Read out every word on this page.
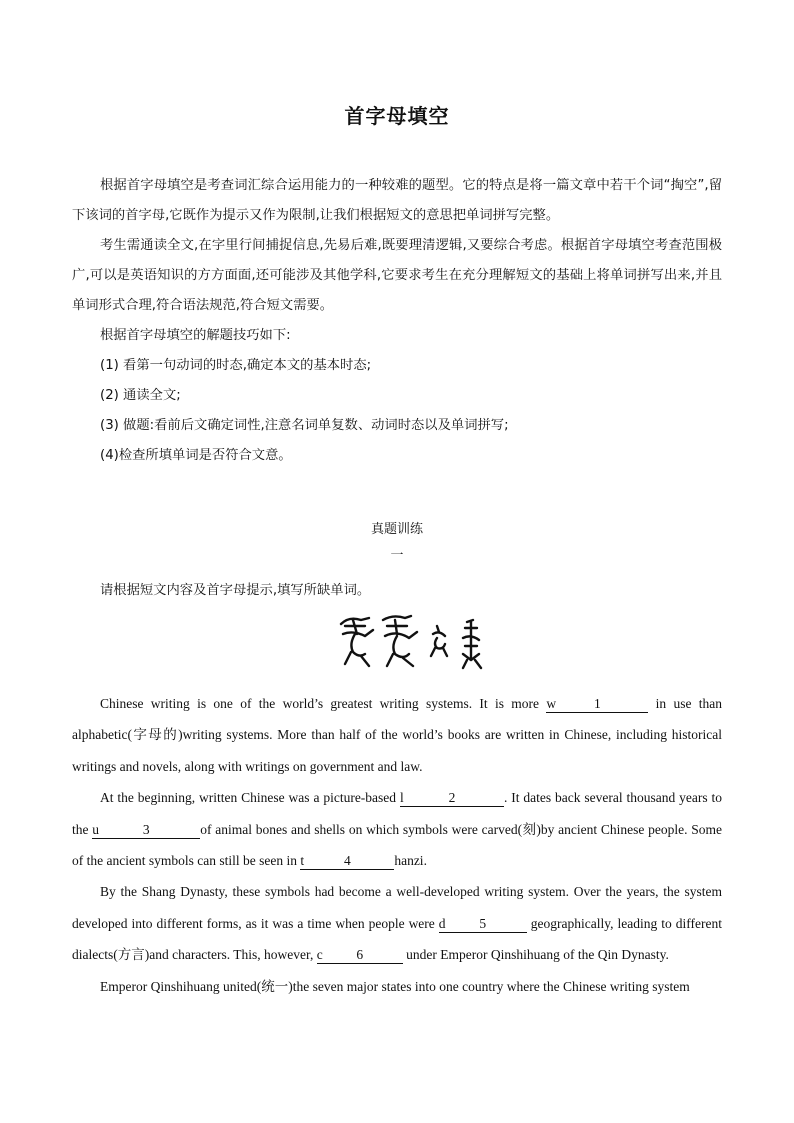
首字母填空

根据首字母填空是考查词汇综合运用能力的一种较难的题型。它的特点是将一篇文章中若干个词“掏空”,留下该词的首字母,它既作为提示又作为限制,让我们根据短文的意思把单词拼写完整。

考生需通读全文,在字里行间捕捉信息,先易后难,既要理清逻辑,又要综合考虑。根据首字母填空考查范围极广,可以是英语知识的方方面面,还可能涉及其他学科,它要求考生在充分理解短文的基础上将单词拼写出来,并且单词形式合理,符合语法规范,符合短文需要。

根据首字母填空的解题技巧如下:

(1) 看第一句动词的时态,确定本文的基本时态;

(2) 通读全文;

(3) 做题:看前后文确定词性,注意名词单复数、动词时态以及单词拼写;

(4)检查所填单词是否符合文意。

真题训练
一

请根据短文内容及首字母提示,填写所缺单词。

Chinese writing is one of the world’s greatest writing systems. It is more w	1	in use than alphabetic(字母的)writing systems. More than half of the world’s books are written in Chinese, including historical writings and novels, along with writings on government and law.

At the beginning, written Chinese was a picture-based l	2	. It dates back several thousand years to the u	3	of animal bones and shells on which symbols were carved(刻)by ancient Chinese people. Some of the ancient symbols can still be seen in t	4	hanzi.

By the Shang Dynasty, these symbols had become a well-developed writing system. Over the years, the system developed into different forms, as it was a time when people were d	5	geographically, leading to different dialects(方言)and characters. This, however, c	6	under Emperor Qinshihuang of the Qin Dynasty.

Emperor Qinshihuang united(统一)the seven major states into one country where the Chinese writing system
